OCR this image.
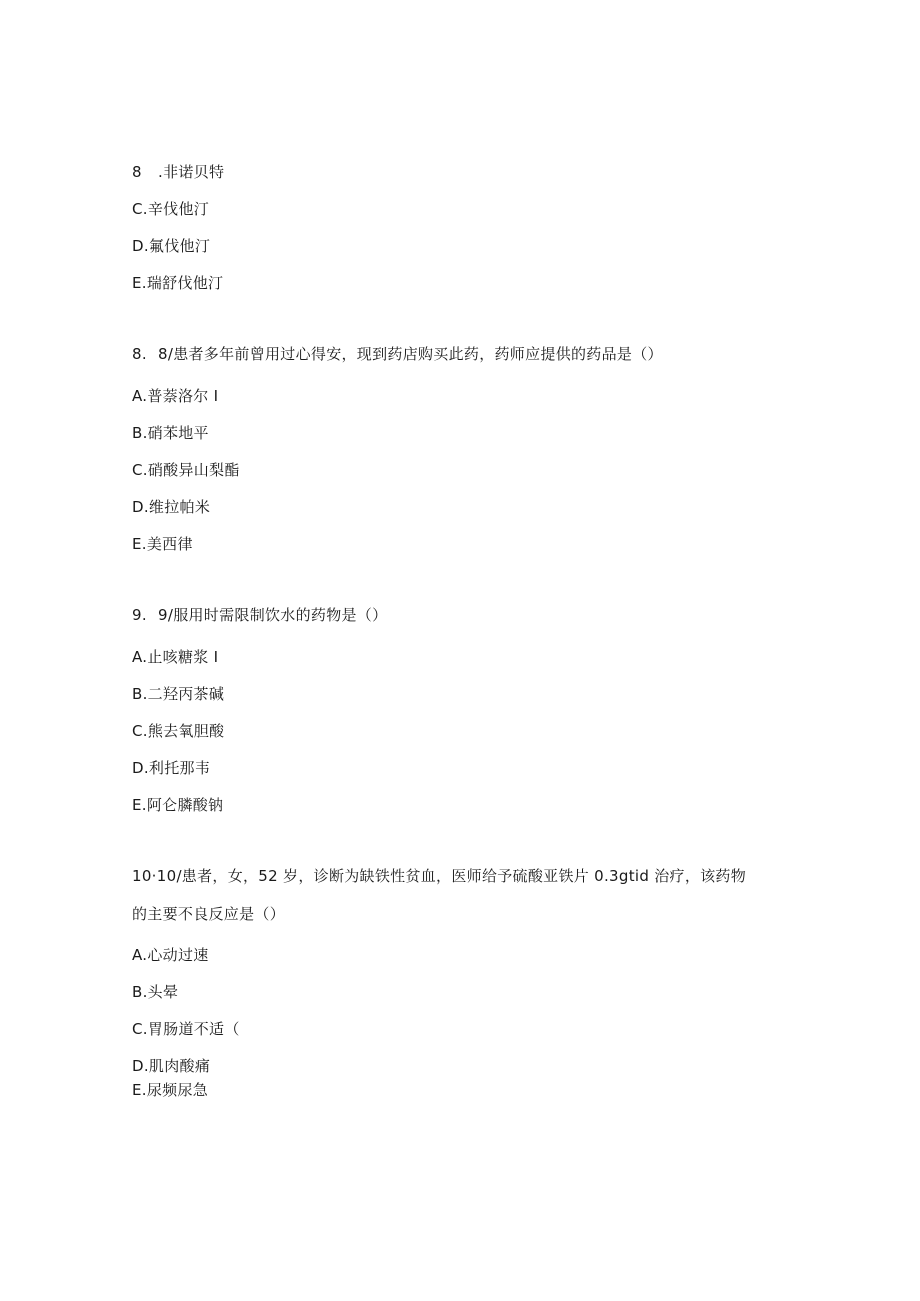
8 .非诺贝特
C.辛伐他汀
D.氟伐他汀
E.瑞舒伐他汀
8. 8/患者多年前曾用过心得安，现到药店购买此药，药师应提供的药品是（）
A.普萘洛尔 I
B.硝苯地平
C.硝酸异山梨酯
D.维拉帕米
E.美西律
9. 9/服用时需限制饮水的药物是（）
A.止咳糖浆 I
B.二羟丙茶碱
C.熊去氧胆酸
D.利托那韦
E.阿仑膦酸钠
10·10/患者，女，52 岁，诊断为缺铁性贫血，医师给予硫酸亚铁片 0.3gtid 治疗，该药物
的主要不良反应是（）
A.心动过速
B.头晕
C.胃肠道不适（
D.肌肉酸痛
E.尿频尿急
